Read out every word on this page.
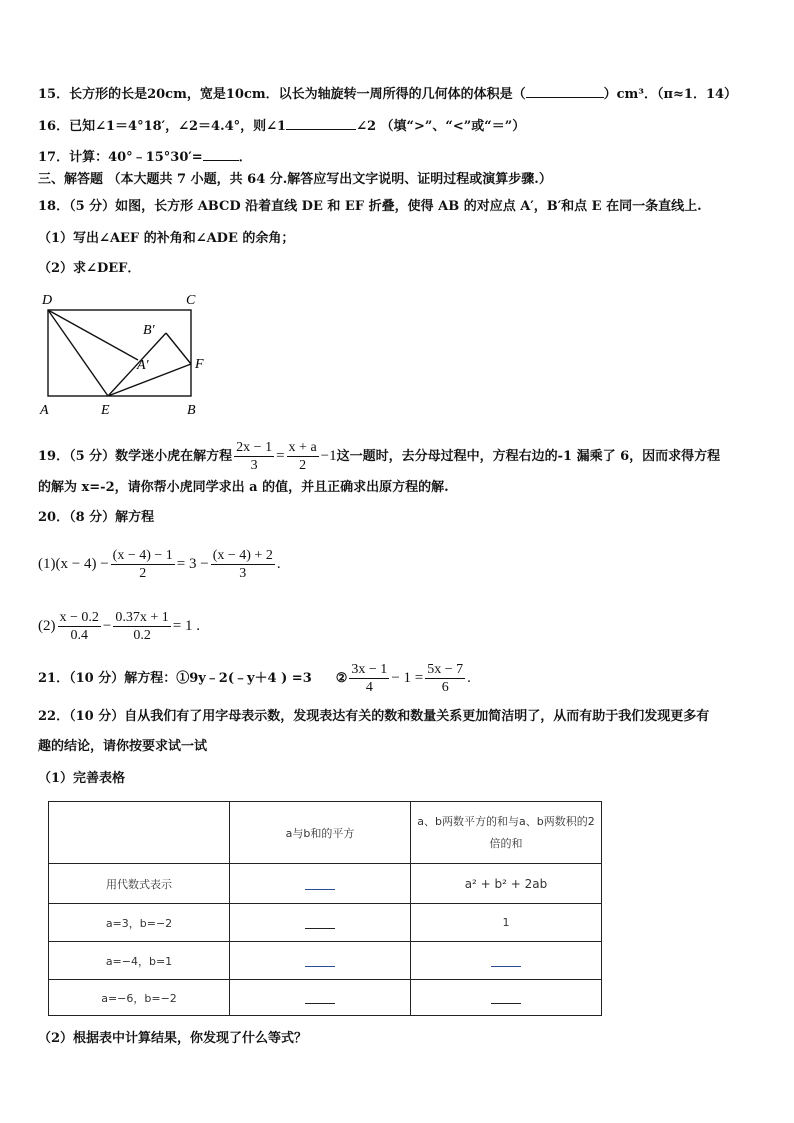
15．长方形的长是20cm，宽是10cm．以长为轴旋转一周所得的几何体的体积是（	）cm³．（π≈1．14）
16．已知∠1＝4°18′，∠2＝4.4°，则∠1	∠2 （填“>”、“<”或“＝”）
17．计算：40°﹣15°30′=	．
三、解答题 （本大题共 7 小题，共 64 分.解答应写出文字说明、证明过程或演算步骤.）
18．（5 分）如图，长方形 ABCD 沿着直线 DE 和 EF 折叠，使得 AB 的对应点 A′，B′和点 E 在同一条直线上.
（1）写出∠AEF 的补角和∠ADE 的余角；
（2）求∠DEF．
D	C
A	E	B
F
B′
A′
19．（5 分）数学迷小虎在解方程 $\frac{2x - 1}{3} = \frac{x + a}{2} -1$这一题时，去分母过程中，方程右边的-1 漏乘了 6，因而求得方程
的解为 x=-2，请你帮小虎同学求出 a 的值，并且正确求出原方程的解.
20．（8 分）解方程
$(1)(x - 4) - \frac{(x - 4) - 1}{2} = 3 - \frac{(x - 4) + 2}{3}$ .
$(2) \frac{x - 0.2}{0.4} - \frac{0.37x + 1}{0.2} = 1$ .
21．（10 分）解方程：①9y﹣2(﹣y＋4 ) =3 ② $\frac{3x - 1}{4} - 1 = \frac{5x - 7}{6}$ .
22．（10 分）自从我们有了用字母表示数，发现表达有关的数和数量关系更加简洁明了，从而有助于我们发现更多有
趣的结论，请你按要求试一试
（1）完善表格
	a与b和的平方	a、b两数平方的和与a、b两数积的2倍的和
用代数式表示		a² + b² + 2ab
a=3，b=−2		1
a=−4，b=1		
a=−6，b=−2		
（2）根据表中计算结果，你发现了什么等式？
